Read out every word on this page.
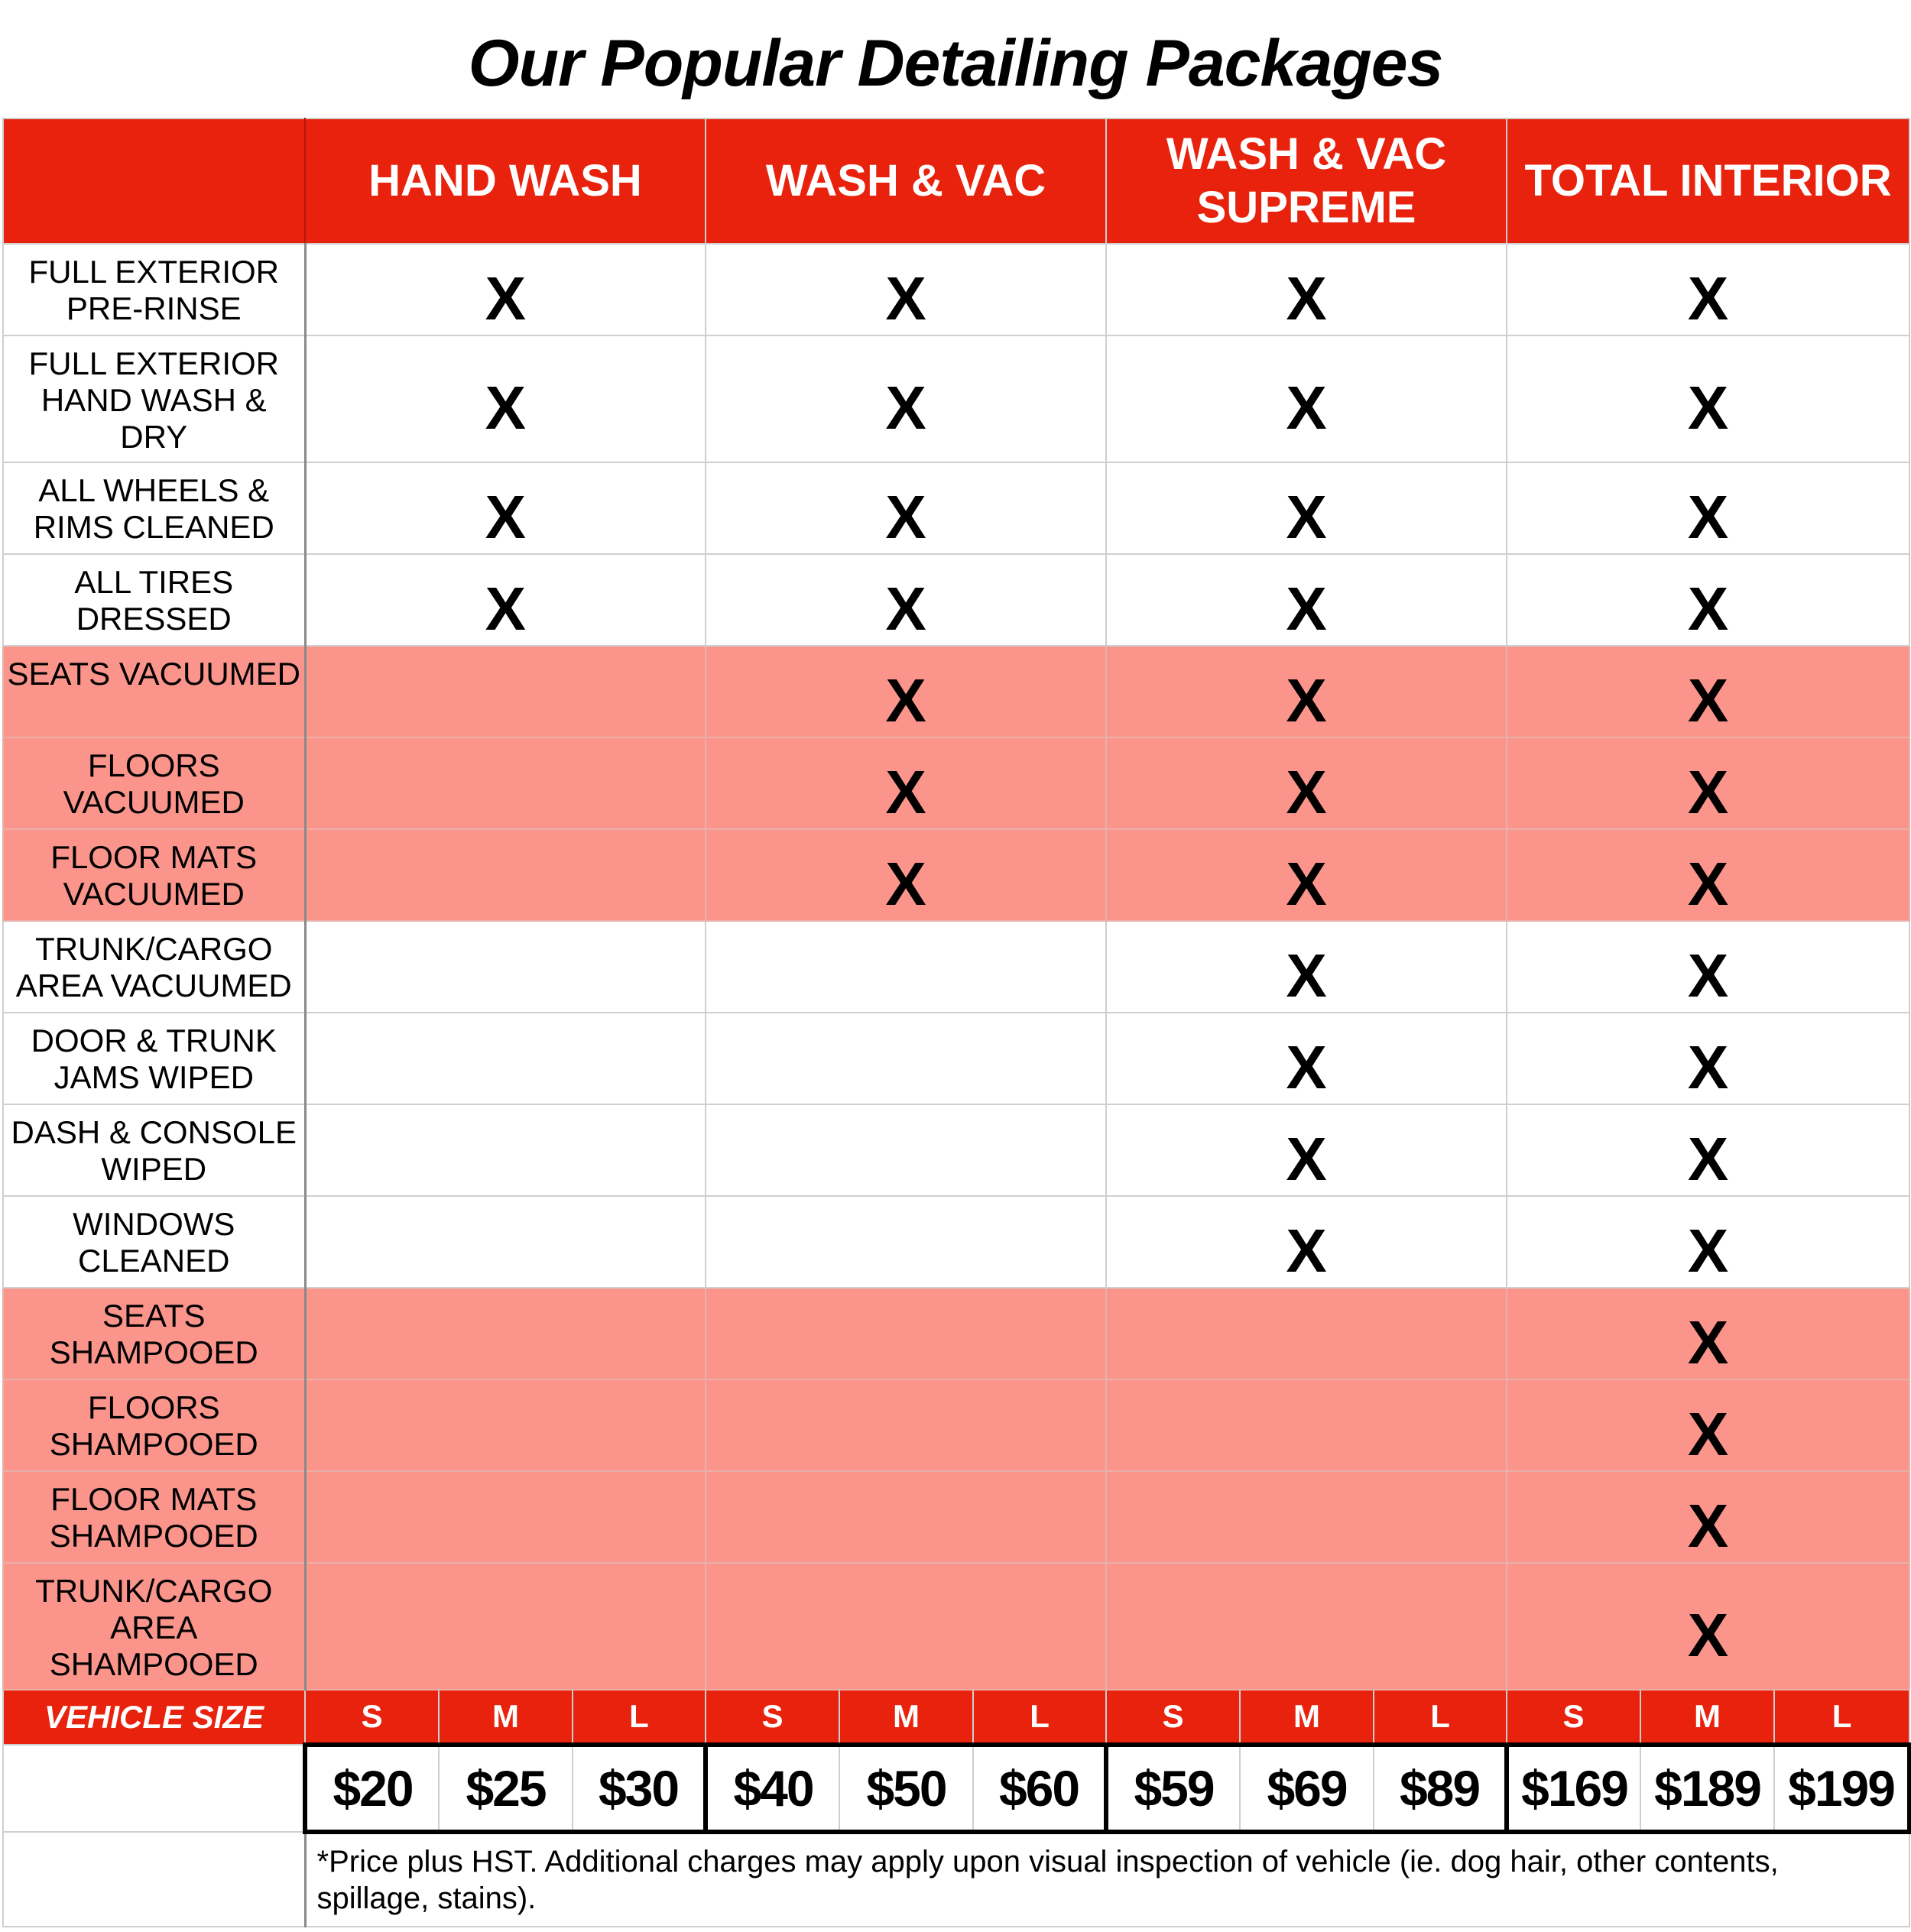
Our Popular Detailing Packages
	HAND WASH			WASH & VAC			WASH & VAC SUPREME			TOTAL INTERIOR		
FULL EXTERIOR PRE-RINSE	X			X			X			X		
FULL EXTERIOR HAND WASH & DRY	X			X			X			X		
ALL WHEELS & RIMS CLEANED	X			X			X			X		
ALL TIRES DRESSED	X			X			X			X		
SEATS VACUUMED				X			X			X		
FLOORS VACUUMED				X			X			X		
FLOOR MATS VACUUMED				X			X			X		
TRUNK/CARGO AREA VACUUMED							X			X		
DOOR & TRUNK JAMS WIPED							X			X		
DASH & CONSOLE WIPED							X			X		
WINDOWS CLEANED							X			X		
SEATS SHAMPOOED										X		
FLOORS SHAMPOOED										X		
FLOOR MATS SHAMPOOED										X		
TRUNK/CARGO AREA SHAMPOOED										X		
VEHICLE SIZE	S	M	L	S	M	L	S	M	L	S	M	L
	$20	$25	$30	$40	$50	$60	$59	$69	$89	$169	$189	$199
	*Price plus HST. Additional charges may apply upon visual inspection of vehicle (ie. dog hair, other contents, spillage, stains).											
